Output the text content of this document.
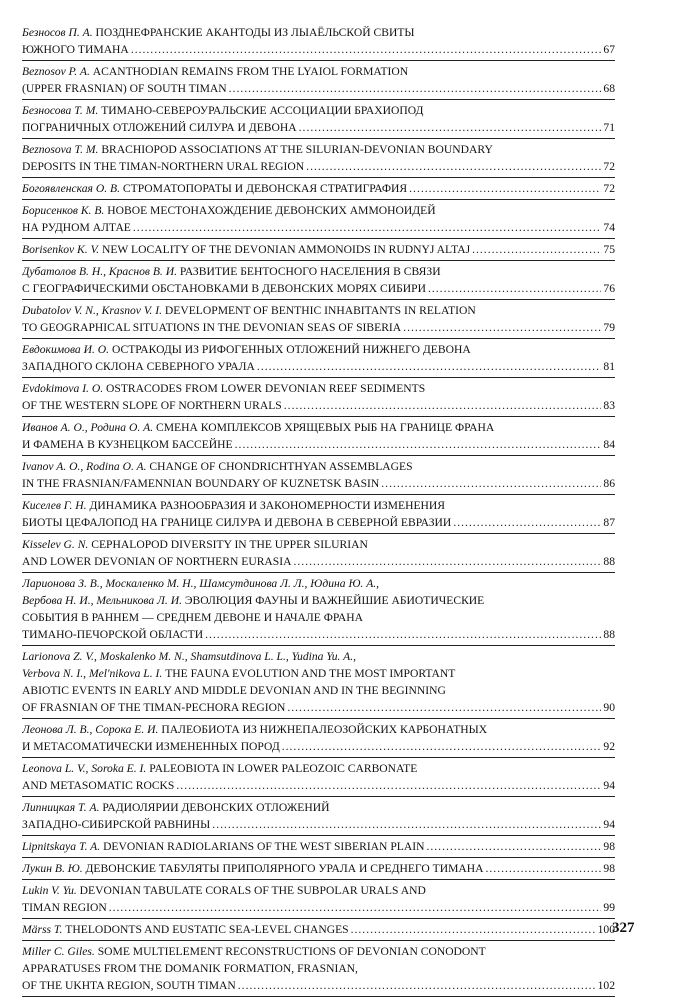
Безносов П. А. ПОЗДНЕФРАНСКИЕ АКАНТОДЫ ИЗ ЛЫАЁЛЬСКОЙ СВИТЫ
ЮЖНОГО ТИМАНА .....	67
Beznosov P. A. ACANTHODIAN REMAINS FROM THE LYAIOL FORMATION
(UPPER FRASNIAN) OF SOUTH TIMAN .....	68
Безносова Т. М. ТИМАНО-СЕВЕРОУРАЛЬСКИЕ АССОЦИАЦИИ БРАХИОПОД
ПОГРАНИЧНЫХ ОТЛОЖЕНИЙ СИЛУРА И ДЕВОНА .....	71
Beznosova T. M. BRACHIOPOD ASSOCIATIONS AT THE SILURIAN-DEVONIAN BOUNDARY
DEPOSITS IN THE TIMAN-NORTHERN URAL REGION .....	72
Богоявленская О. В. СТРОМАТОПОРАТЫ И ДЕВОНСКАЯ СТРАТИГРАФИЯ .....	72
Борисенков К. В. НОВОЕ МЕСТОНАХОЖДЕНИЕ ДЕВОНСКИХ АММОНОИДЕЙ
НА РУДНОМ АЛТАЕ .....	74
Borisenkov K. V. NEW LOCALITY OF THE DEVONIAN AMMONOIDS IN RUDNYJ ALTAJ .....	75
Дубатолов В. Н., Краснов В. И. РАЗВИТИЕ БЕНТОСНОГО НАСЕЛЕНИЯ В СВЯЗИ
С ГЕОГРАФИЧЕСКИМИ ОБСТАНОВКАМИ В ДЕВОНСКИХ МОРЯХ СИБИРИ .....	76
Dubatolov V. N., Krasnov V. I. DEVELOPMENT OF BENTHIC INHABITANTS IN RELATION
TO GEOGRAPHICAL SITUATIONS IN THE DEVONIAN SEAS OF SIBERIA .....	79
Евдокимова И. О. ОСТРАКОДЫ ИЗ РИФОГЕННЫХ ОТЛОЖЕНИЙ НИЖНЕГО ДЕВОНА
ЗАПАДНОГО СКЛОНА СЕВЕРНОГО УРАЛА .....	81
Evdokimova I. O. OSTRACODES FROM LOWER DEVONIAN REEF SEDIMENTS
OF THE WESTERN SLOPE OF NORTHERN URALS .....	83
Иванов А. О., Родина О. А. СМЕНА КОМПЛЕКСОВ ХРЯЩЕВЫХ РЫБ НА ГРАНИЦЕ ФРАНА
И ФАМЕНА В КУЗНЕЦКОМ БАССЕЙНЕ .....	84
Ivanov A. O., Rodina O. A. CHANGE OF CHONDRICHTHYAN ASSEMBLAGES
IN THE FRASNIAN/FAMENNIAN BOUNDARY OF KUZNETSK BASIN .....	86
Киселев Г. Н. ДИНАМИКА РАЗНООБРАЗИЯ И ЗАКОНОМЕРНОСТИ ИЗМЕНЕНИЯ
БИОТЫ ЦЕФАЛОПОД НА ГРАНИЦЕ СИЛУРА И ДЕВОНА В СЕВЕРНОЙ ЕВРАЗИИ .....	87
Kisselev G. N. CEPHALOPOD DIVERSITY IN THE UPPER SILURIAN
AND LOWER DEVONIAN OF NORTHERN EURASIA .....	88
Ларионова З. В., Москаленко М. Н., Шамсутдинова Л. Л., Юдина Ю. А.,
Вербова Н. И., Мельникова Л. И. ЭВОЛЮЦИЯ ФАУНЫ И ВАЖНЕЙШИЕ АБИОТИЧЕСКИЕ
СОБЫТИЯ В РАННЕМ — СРЕДНЕМ ДЕВОНЕ И НАЧАЛЕ ФРАНА
ТИМАНО-ПЕЧОРСКОЙ ОБЛАСТИ .....	88
Larionova Z. V., Moskalenko M. N., Shamsutdinova L. L., Yudina Yu. A.,
Verbova N. I., Mel'nikova L. I. THE FAUNA EVOLUTION AND THE MOST IMPORTANT
ABIOTIC EVENTS IN EARLY AND MIDDLE DEVONIAN AND IN THE BEGINNING
OF FRASNIAN OF THE TIMAN-PECHORA REGION .....	90
Леонова Л. В., Сорока Е. И. ПАЛЕОБИОТА ИЗ НИЖНЕПАЛЕОЗОЙСКИХ КАРБОНАТНЫХ
И МЕТАСОМАТИЧЕСКИ ИЗМЕНЕННЫХ ПОРОД .....	92
Leonova L. V., Soroka E. I. PALEOBIOTA IN LOWER PALEOZOIC CARBONATE
AND METASOMATIC ROCKS .....	94
Липницкая Т. А. РАДИОЛЯРИИ ДЕВОНСКИХ ОТЛОЖЕНИЙ
ЗАПАДНО-СИБИРСКОЙ РАВНИНЫ .....	94
Lipnitskaya T. A. DEVONIAN RADIOLARIANS OF THE WEST SIBERIAN PLAIN .....	98
Лукин В. Ю. ДЕВОНСКИЕ ТАБУЛЯТЫ ПРИПОЛЯРНОГО УРАЛА И СРЕДНЕГО ТИМАНА .....	98
Lukin V. Yu. DEVONIAN TABULATE CORALS OF THE SUBPOLAR URALS AND
TIMAN REGION .....	99
Märss T. THELODONTS AND EUSTATIC SEA-LEVEL CHANGES .....	100
Miller C. Giles. SOME MULTIELEMENT RECONSTRUCTIONS OF DEVONIAN CONODONT
APPARATUSES FROM THE DOMANIK FORMATION, FRASNIAN,
OF THE UKHTA REGION, SOUTH TIMAN .....	102
327
